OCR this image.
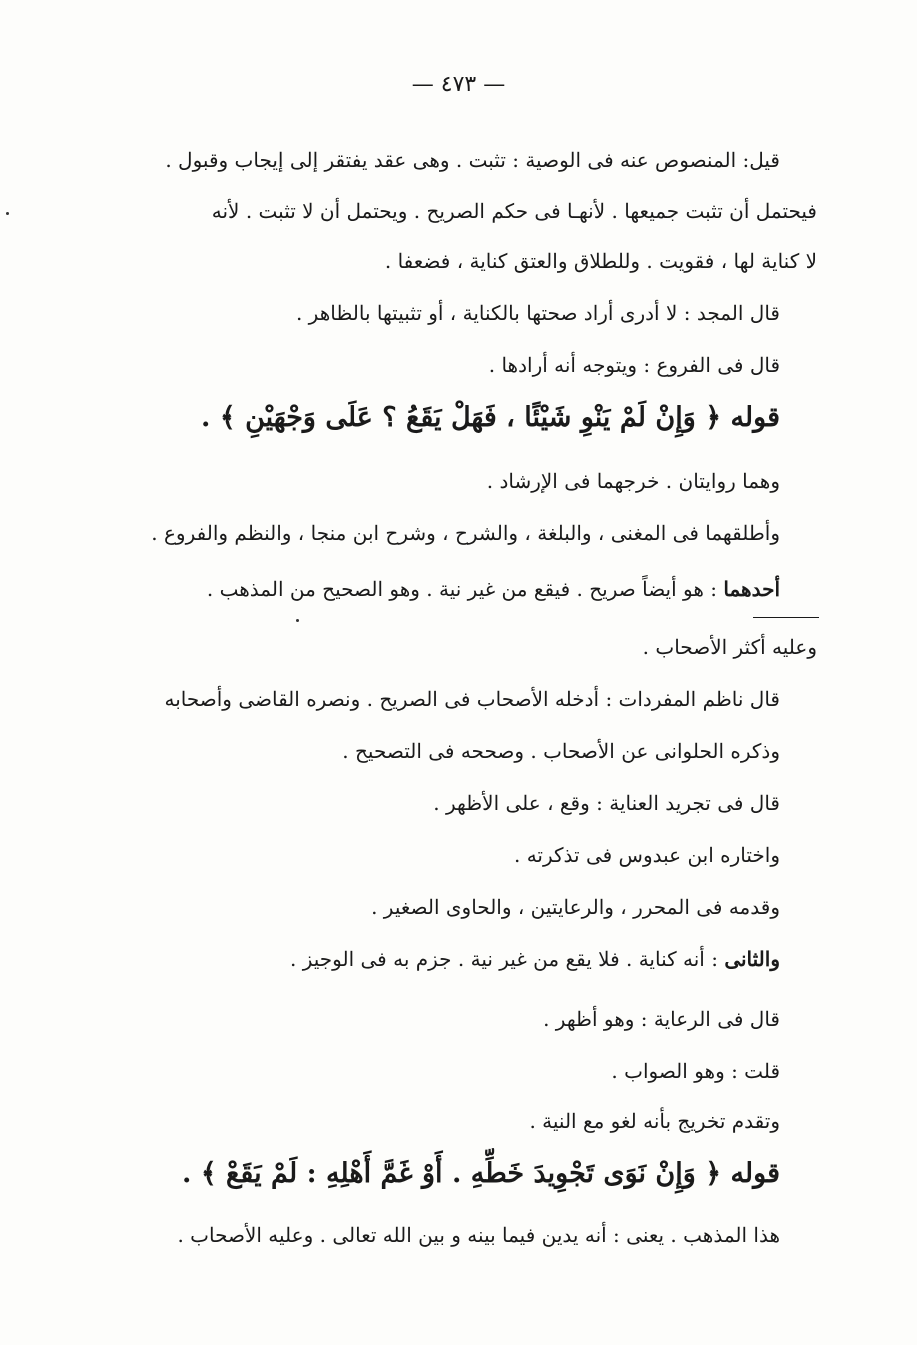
— ٤٧٣ —
قيل: المنصوص عنه فى الوصية : تثبت . وهى عقد يفتقر إلى إيجاب وقبول .
فيحتمل أن تثبت جميعها . لأنهـا فى حكم الصريح . ويحتمل أن لا تثبت . لأنه
لا كناية لها ، فقويت . وللطلاق والعتق كناية ، فضعفا .
قال المجد : لا أدرى أراد صحتها بالكناية ، أو تثبيتها بالظاهر .
قال فى الفروع : ويتوجه أنه أرادها .
قوله ﴿ وَإِنْ لَمْ يَنْوِ شَيْئًا ، فَهَلْ يَقَعُ ؟ عَلَى وَجْهَيْنِ ﴾ .
وهما روايتان . خرجهما فى الإرشاد .
وأطلقهما فى المغنى ، والبلغة ، والشرح ، وشرح ابن منجا ، والنظم والفروع .
أحدهما : هو أيضاً صريح . فيقع من غير نية . وهو الصحيح من المذهب .
وعليه أكثر الأصحاب .
قال ناظم المفردات : أدخله الأصحاب فى الصريح . ونصره القاضى وأصحابه
وذكره الحلوانى عن الأصحاب . وصححه فى التصحيح .
قال فى تجريد العناية : وقع ، على الأظهر .
واختاره ابن عبدوس فى تذكرته .
وقدمه فى المحرر ، والرعايتين ، والحاوى الصغير .
والثانى : أنه كناية . فلا يقع من غير نية . جزم به فى الوجيز .
قال فى الرعاية : وهو أظهر .
قلت : وهو الصواب .
وتقدم تخريج بأنه لغو مع النية .
قوله ﴿ وَإِنْ نَوَى تَجْوِيدَ خَطِّهِ . أَوْ غَمَّ أَهْلِهِ : لَمْ يَقَعْ ﴾ .
هذا المذهب . يعنى : أنه يدين فيما بينه و بين الله تعالى . وعليه الأصحاب .
